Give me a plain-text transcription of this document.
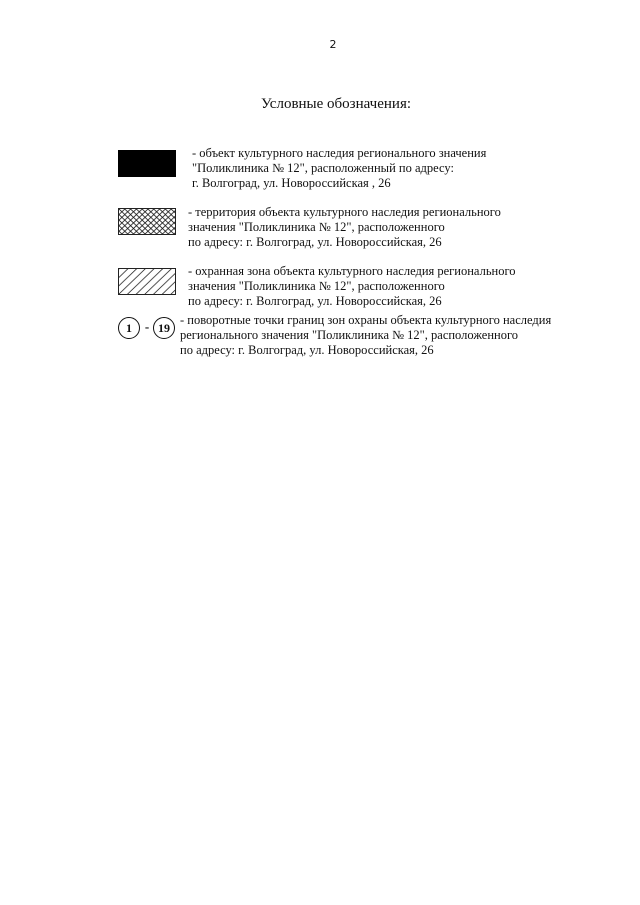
2
Условные обозначения:
- объект культурного наследия регионального значения
"Поликлиника № 12", расположенный по адресу:
г. Волгоград, ул. Новороссийская , 26
- территория объекта культурного наследия регионального
значения "Поликлиника № 12", расположенного
по адресу: г. Волгоград, ул. Новороссийская, 26
- охранная зона объекта культурного наследия регионального
значения "Поликлиника № 12", расположенного
по адресу: г. Волгоград, ул. Новороссийская, 26
1 - 19
- поворотные точки границ зон охраны объекта культурного наследия
регионального значения "Поликлиника № 12", расположенного
по адресу: г. Волгоград, ул. Новороссийская, 26
